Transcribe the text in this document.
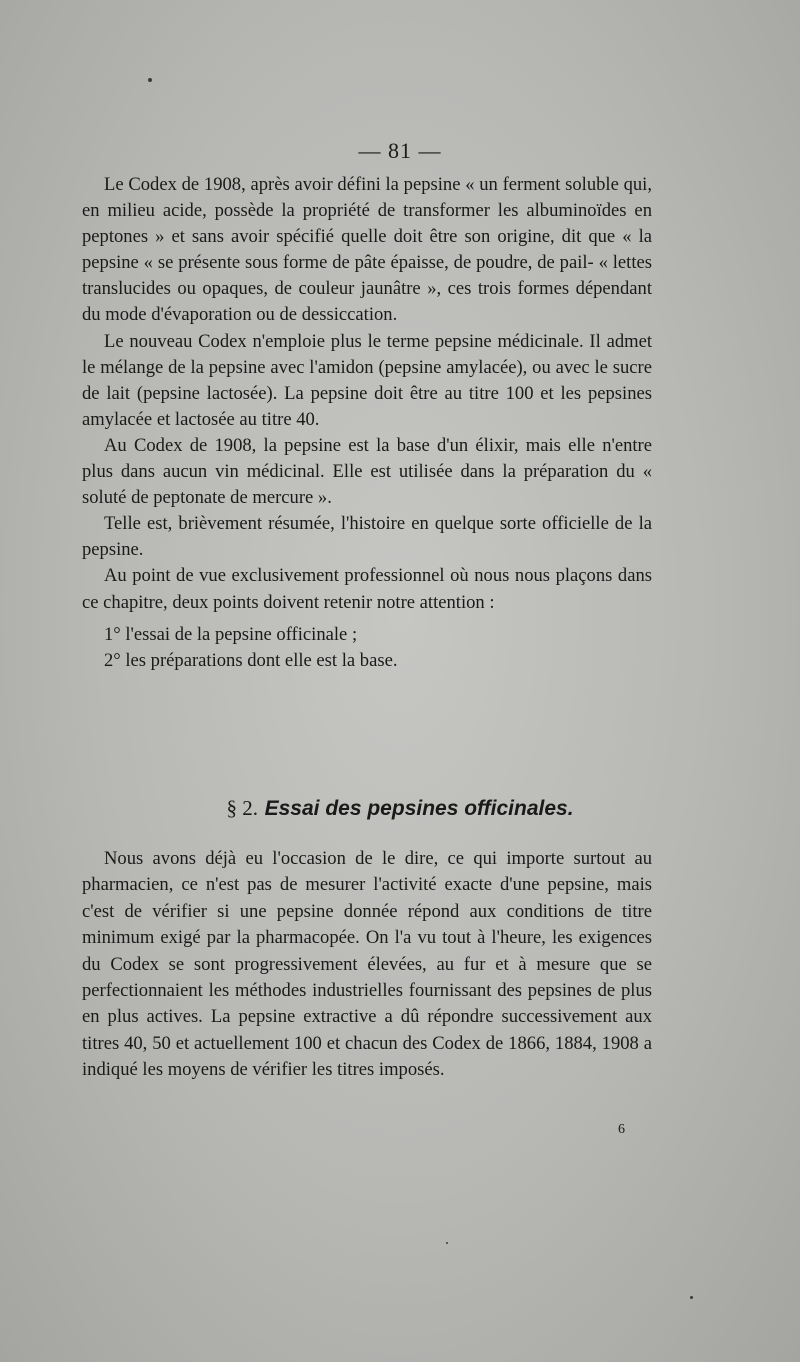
— 81 —

Le Codex de 1908, après avoir défini la pepsine « un ferment soluble qui, en milieu acide, possède la propriété de transformer les albuminoïdes en peptones » et sans avoir spécifié quelle doit être son origine, dit que « la pepsine « se présente sous forme de pâte épaisse, de poudre, de pail- « lettes translucides ou opaques, de couleur jaunâtre », ces trois formes dépendant du mode d'évaporation ou de dessiccation.

Le nouveau Codex n'emploie plus le terme pepsine médicinale. Il admet le mélange de la pepsine avec l'amidon (pepsine amylacée), ou avec le sucre de lait (pepsine lactosée). La pepsine doit être au titre 100 et les pepsines amylacée et lactosée au titre 40.

Au Codex de 1908, la pepsine est la base d'un élixir, mais elle n'entre plus dans aucun vin médicinal. Elle est utilisée dans la préparation du « soluté de peptonate de mercure ».

Telle est, brièvement résumée, l'histoire en quelque sorte officielle de la pepsine.

Au point de vue exclusivement professionnel où nous nous plaçons dans ce chapitre, deux points doivent retenir notre attention :

1° l'essai de la pepsine officinale ;
2° les préparations dont elle est la base.
§ 2. Essai des pepsines officinales.

Nous avons déjà eu l'occasion de le dire, ce qui importe surtout au pharmacien, ce n'est pas de mesurer l'activité exacte d'une pepsine, mais c'est de vérifier si une pepsine donnée répond aux conditions de titre minimum exigé par la pharmacopée. On l'a vu tout à l'heure, les exigences du Codex se sont progressivement élevées, au fur et à mesure que se perfectionnaient les méthodes industrielles fournissant des pepsines de plus en plus actives. La pepsine extractive a dû répondre successivement aux titres 40, 50 et actuellement 100 et chacun des Codex de 1866, 1884, 1908 a indiqué les moyens de vérifier les titres imposés.

6
